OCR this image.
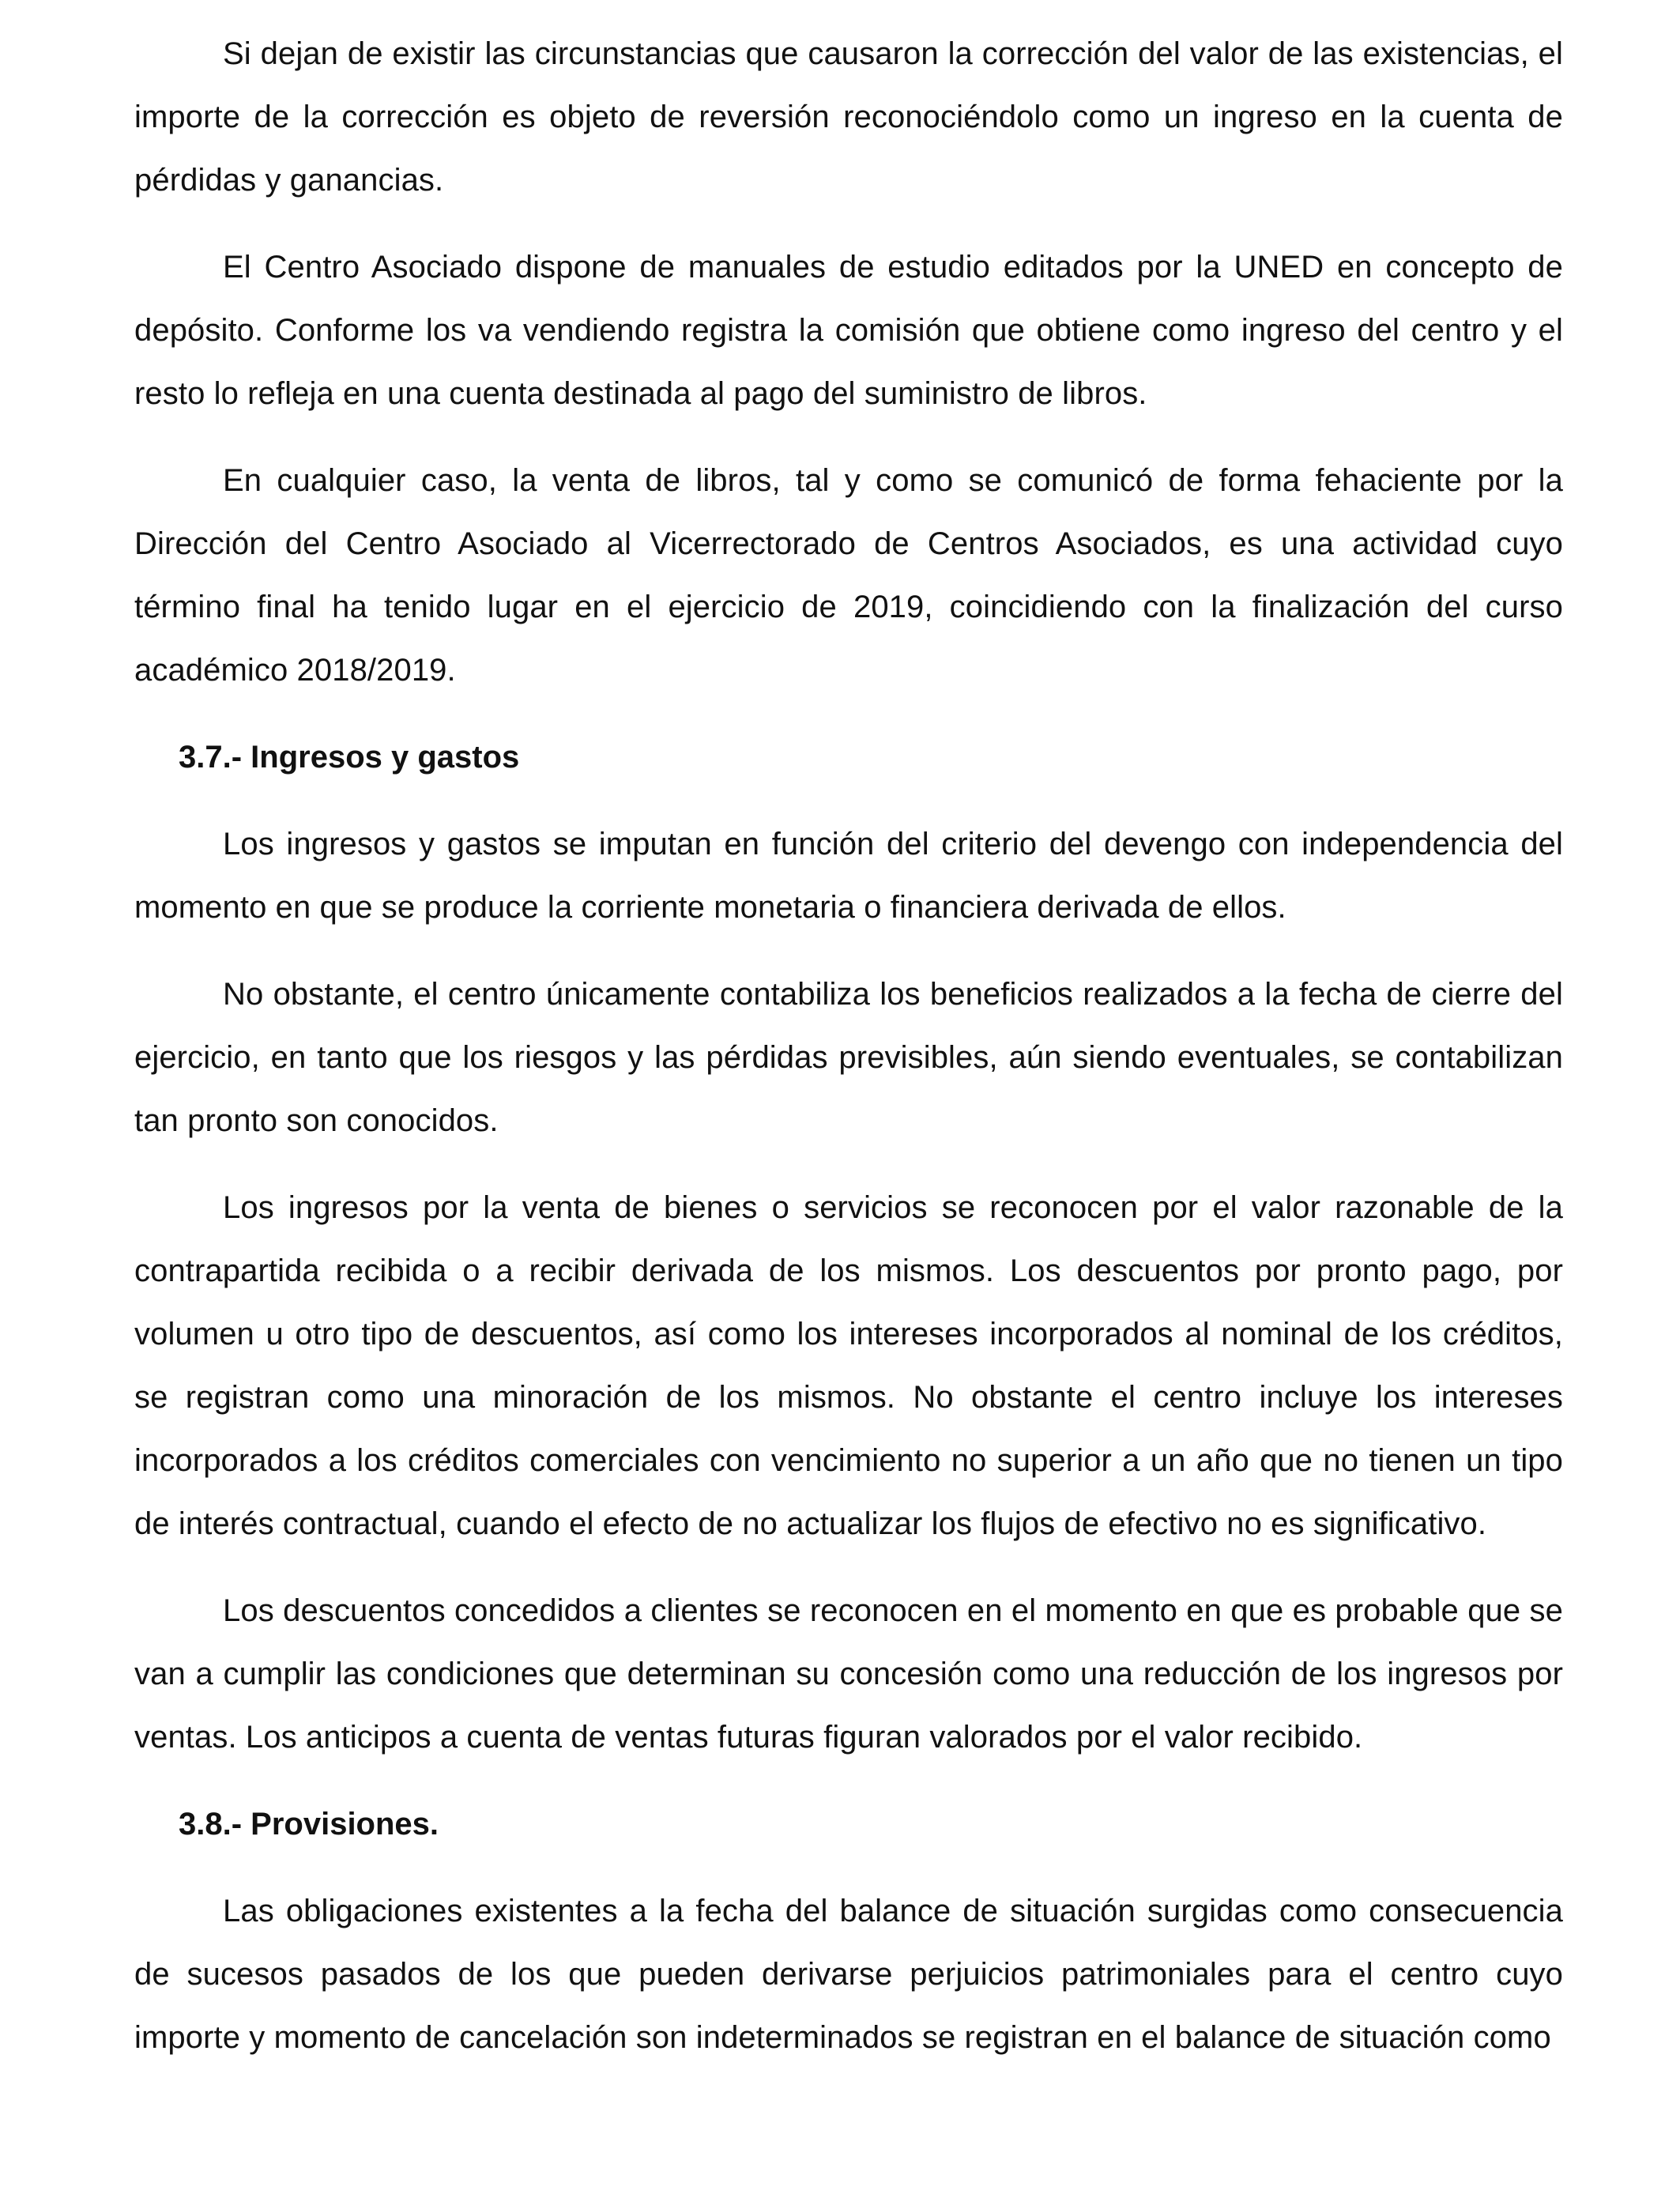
Si dejan de existir las circunstancias que causaron la corrección del valor de las existencias, el importe de la corrección es objeto de reversión reconociéndolo como un ingreso en la cuenta de pérdidas y ganancias.

El Centro Asociado dispone de manuales de estudio editados por la UNED en concepto de depósito. Conforme los va vendiendo registra la comisión que obtiene como ingreso del centro y el resto lo refleja en una cuenta destinada al pago del suministro de libros.

En cualquier caso, la venta de libros, tal y como se comunicó de forma fehaciente por la Dirección del Centro Asociado al Vicerrectorado de Centros Asociados, es una actividad cuyo término final ha tenido lugar en el ejercicio de 2019, coincidiendo con la finalización del curso académico 2018/2019.

3.7.- Ingresos y gastos

Los ingresos y gastos se imputan en función del criterio del devengo con independencia del momento en que se produce la corriente monetaria o financiera derivada de ellos.

No obstante, el centro únicamente contabiliza los beneficios realizados a la fecha de cierre del ejercicio, en tanto que los riesgos y las pérdidas previsibles, aún siendo eventuales, se contabilizan tan pronto son conocidos.

Los ingresos por la venta de bienes o servicios se reconocen por el valor razonable de la contrapartida recibida o a recibir derivada de los mismos. Los descuentos por pronto pago, por volumen u otro tipo de descuentos, así como los intereses incorporados al nominal de los créditos, se registran como una minoración de los mismos. No obstante el centro incluye los intereses incorporados a los créditos comerciales con vencimiento no superior a un año que no tienen un tipo de interés contractual, cuando el efecto de no actualizar los flujos de efectivo no es significativo.

Los descuentos concedidos a clientes se reconocen en el momento en que es probable que se van a cumplir las condiciones que determinan su concesión como una reducción de los ingresos por ventas. Los anticipos a cuenta de ventas futuras figuran valorados por el valor recibido.

3.8.- Provisiones.

Las obligaciones existentes a la fecha del balance de situación surgidas como consecuencia de sucesos pasados de los que pueden derivarse perjuicios patrimoniales para el centro cuyo importe y momento de cancelación son indeterminados se registran en el balance de situación como
